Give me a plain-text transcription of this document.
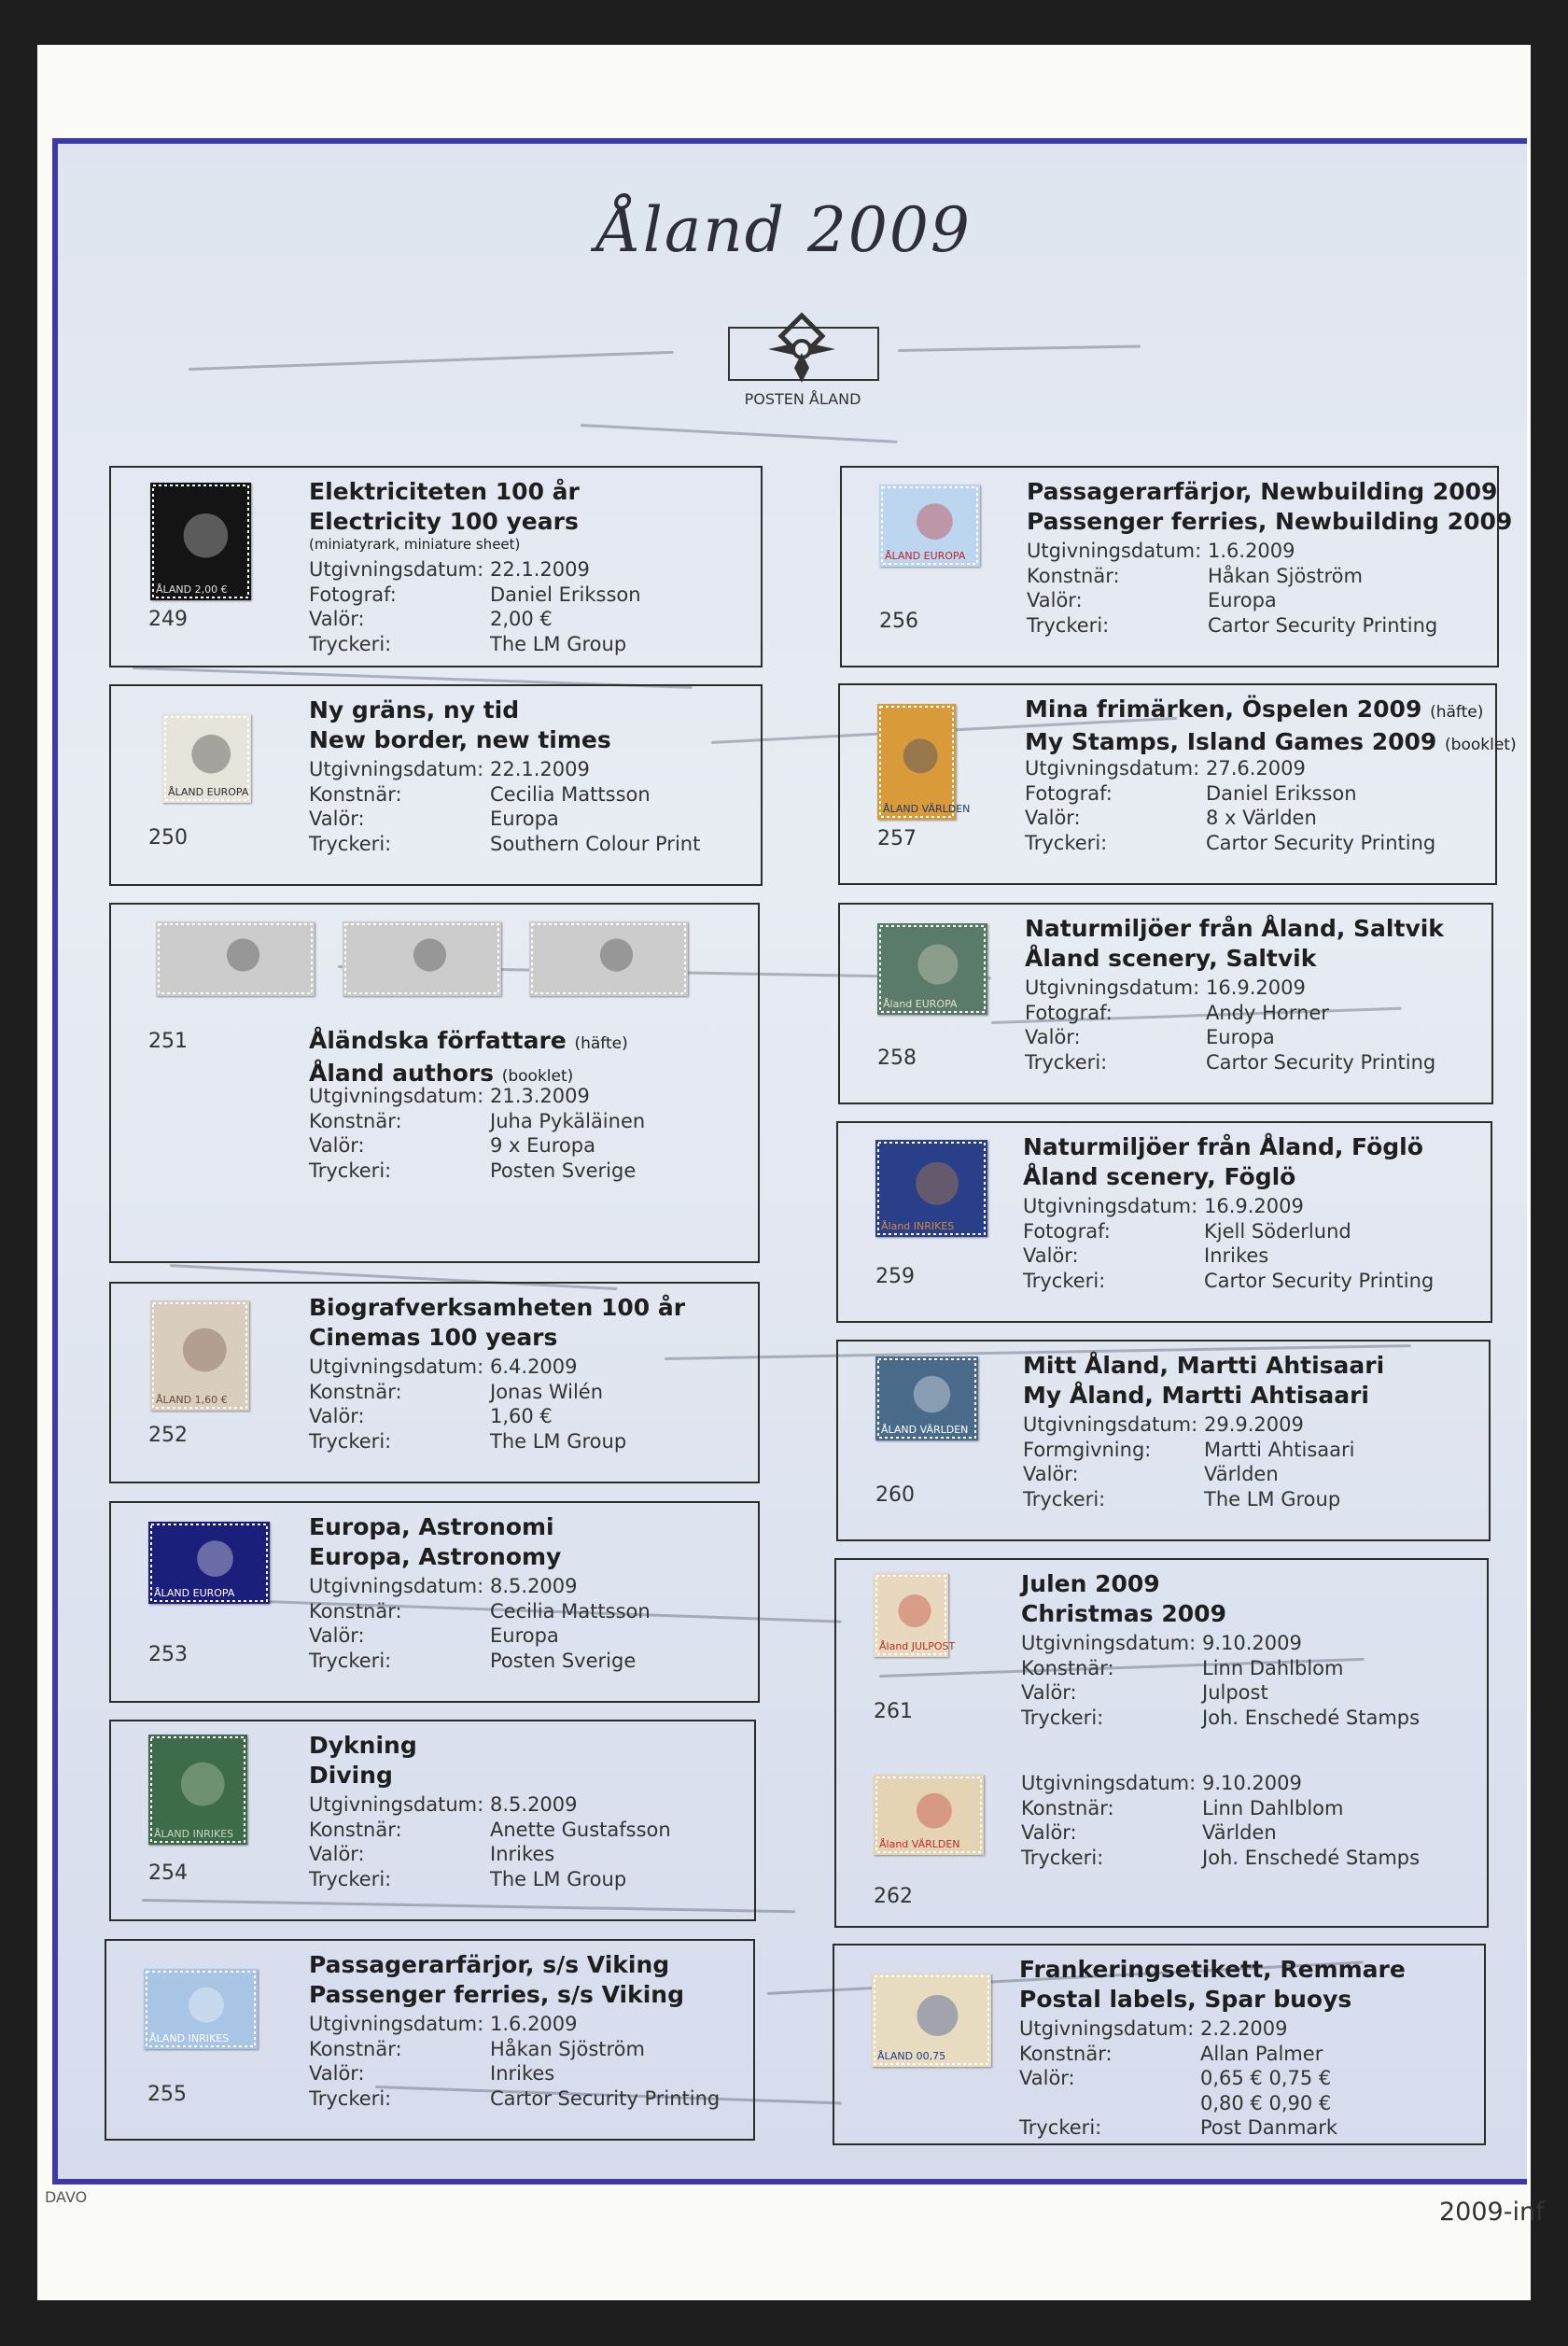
Åland 2009
POSTEN ÅLAND
Elektriciteten 100 år
Electricity 100 years
(miniatyrark, miniature sheet)
Utgivningsdatum: 22.1.2009
Fotograf:	Daniel Eriksson
Valör:	2,00 €
Tryckeri:	The LM Group
249
ÅLAND 2,00 €
Ny gräns, ny tid
New border, new times
Utgivningsdatum: 22.1.2009
Konstnär:	Cecilia Mattsson
Valör:	Europa
Tryckeri:	Southern Colour Print
250
ÅLAND EUROPA
Åländska författare (häfte)
Åland authors (booklet)
Utgivningsdatum: 21.3.2009
Konstnär:	Juha Pykäläinen
Valör:	9 x Europa
Tryckeri:	Posten Sverige
251
Biografverksamheten 100 år
Cinemas 100 years
Utgivningsdatum: 6.4.2009
Konstnär:	Jonas Wilén
Valör:	1,60 €
Tryckeri:	The LM Group
252
ÅLAND 1,60 €
Europa, Astronomi
Europa, Astronomy
Utgivningsdatum: 8.5.2009
Konstnär:	Cecilia Mattsson
Valör:	Europa
Tryckeri:	Posten Sverige
253
ÅLAND EUROPA
Dykning
Diving
Utgivningsdatum: 8.5.2009
Konstnär:	Anette Gustafsson
Valör:	Inrikes
Tryckeri:	The LM Group
254
ÅLAND INRIKES
Passagerarfärjor, s/s Viking
Passenger ferries, s/s Viking
Utgivningsdatum: 1.6.2009
Konstnär:	Håkan Sjöström
Valör:	Inrikes
Tryckeri:	Cartor Security Printing
255
ÅLAND INRIKES
Passagerarfärjor, Newbuilding 2009
Passenger ferries, Newbuilding 2009
Utgivningsdatum: 1.6.2009
Konstnär:	Håkan Sjöström
Valör:	Europa
Tryckeri:	Cartor Security Printing
256
ÅLAND EUROPA
Mina frimärken, Öspelen 2009 (häfte)
My Stamps, Island Games 2009 (booklet)
Utgivningsdatum: 27.6.2009
Fotograf:	Daniel Eriksson
Valör:	8 x Världen
Tryckeri:	Cartor Security Printing
257
ÅLAND VÄRLDEN
Naturmiljöer från Åland, Saltvik
Åland scenery, Saltvik
Utgivningsdatum: 16.9.2009
Fotograf:	Andy Horner
Valör:	Europa
Tryckeri:	Cartor Security Printing
258
Åland EUROPA
Naturmiljöer från Åland, Föglö
Åland scenery, Föglö
Utgivningsdatum: 16.9.2009
Fotograf:	Kjell Söderlund
Valör:	Inrikes
Tryckeri:	Cartor Security Printing
259
Åland INRIKES
Mitt Åland, Martti Ahtisaari
My Åland, Martti Ahtisaari
Utgivningsdatum: 29.9.2009
Formgivning:	Martti Ahtisaari
Valör:	Världen
Tryckeri:	The LM Group
260
ÅLAND VÄRLDEN
Julen 2009
Christmas 2009
Utgivningsdatum: 9.10.2009
Konstnär:	Linn Dahlblom
Valör:	Julpost
Tryckeri:	Joh. Enschedé Stamps
Utgivningsdatum: 9.10.2009
Konstnär:	Linn Dahlblom
Valör:	Världen
Tryckeri:	Joh. Enschedé Stamps
261
262
Åland JULPOST
Åland VÄRLDEN
Frankeringsetikett, Remmare
Postal labels, Spar buoys
Utgivningsdatum: 2.2.2009
Konstnär:	Allan Palmer
Valör:	0,65 € 0,75 €
0,80 € 0,90 €
Tryckeri:	Post Danmark
ÅLAND 00,75
DAVO
2009-inf
